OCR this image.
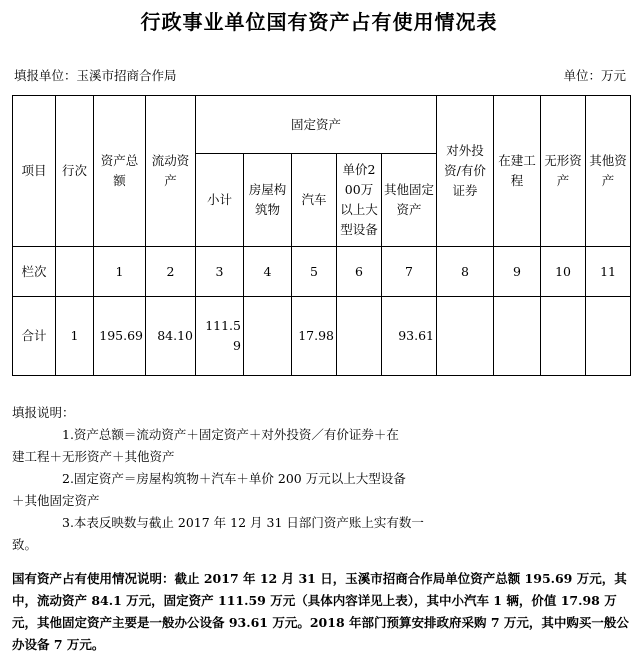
行政事业单位国有资产占有使用情况表
填报单位：玉溪市招商合作局	单位：万元
项目	行次	资产总额	流动资产	固定资产					对外投资/有价证券	在建工程	无形资产	其他资产
				小计	房屋构筑物	汽车	单价200万以上大型设备	其他固定资产				
栏次		1	2	3	4	5	6	7	8	9	10	11
合计	1	195.69	84.10	111.59		17.98		93.61				
填报说明：
1.资产总额＝流动资产＋固定资产＋对外投资／有价证券＋在
建工程＋无形资产＋其他资产
2.固定资产＝房屋构筑物＋汽车＋单价 200 万元以上大型设备
＋其他固定资产
3.本表反映数与截止 2017 年 12 月 31 日部门资产账上实有数一
致。
国有资产占有使用情况说明：截止 2017 年 12 月 31 日，玉溪市招商合作局单位资产总额 195.69 万元，其中，流动资产 84.1 万元，固定资产 111.59 万元（具体内容详见上表），其中小汽车 1 辆，价值 17.98 万元，其他固定资产主要是一般办公设备 93.61 万元。2018 年部门预算安排政府采购 7 万元，其中购买一般公办设备 7 万元。
